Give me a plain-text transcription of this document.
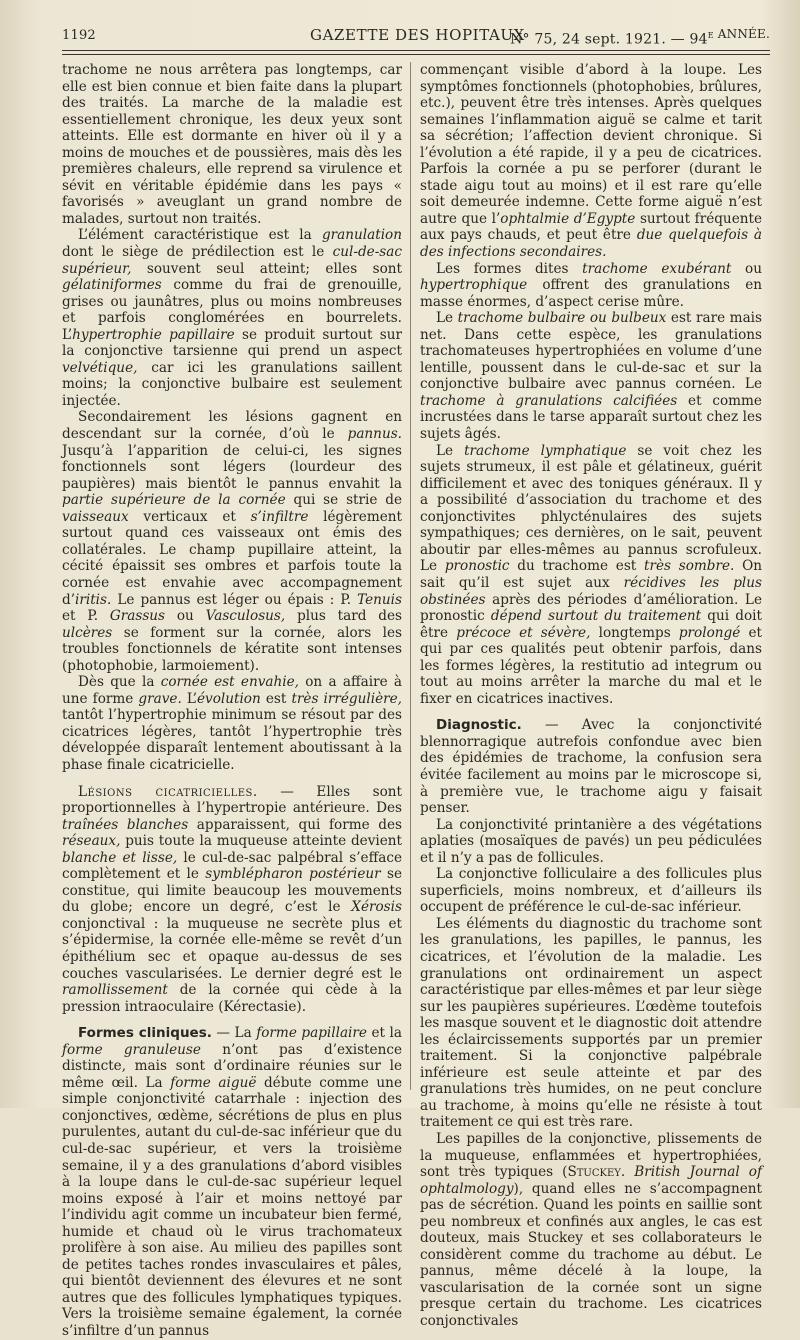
1192	GAZETTE DES HOPITAUX
N° 75, 24 sept. 1921. — $94^{e ANNÉE.}$

trachome ne nous arrêtera pas longtemps, car elle est bien connue et bien faite dans la plupart des traités. La marche de la maladie est essentiellement chronique, les deux yeux sont atteints. Elle est dormante en hiver où il y a moins de mouches et de poussières, mais dès les premières chaleurs, elle reprend sa virulence et sévit en véritable épidémie dans les pays « favorisés » aveuglant un grand nombre de malades, surtout non traités.

L’élément caractéristique est la granulation dont le siège de prédilection est le cul-de-sac supérieur, souvent seul atteint; elles sont gélatiniformes comme du frai de grenouille, grises ou jaunâtres, plus ou moins nombreuses et parfois conglomérées en bourrelets. L’hypertrophie papillaire se produit surtout sur la conjonctive tarsienne qui prend un aspect velvétique, car ici les granulations saillent moins; la conjonctive bulbaire est seulement injectée.

Secondairement les lésions gagnent en descendant sur la cornée, d’où le pannus. Jusqu’à l’apparition de celui-ci, les signes fonctionnels sont légers (lourdeur des paupières) mais bientôt le pannus envahit la partie supérieure de la cornée qui se strie de vaisseaux verticaux et s’infiltre légèrement surtout quand ces vaisseaux ont émis des collatérales. Le champ pupillaire atteint, la cécité épaissit ses ombres et parfois toute la cornée est envahie avec accompagnement d’iritis. Le pannus est léger ou épais : P. Tenuis et P. Grassus ou Vasculosus, plus tard des ulcères se forment sur la cornée, alors les troubles fonctionnels de kératite sont intenses (photophobie, larmoiement).

Dès que la cornée est envahie, on a affaire à une forme grave. L’évolution est très irrégulière, tantôt l’hypertrophie minimum se résout par des cicatrices légères, tantôt l’hypertrophie très développée disparaît lentement aboutissant à la phase finale cicatricielle.

Lésions cicatricielles. — Elles sont proportionnelles à l’hypertropie antérieure. Des traînées blanches apparaissent, qui forme des réseaux, puis toute la muqueuse atteinte devient blanche et lisse, le cul-de-sac palpébral s’efface complètement et le symblépharon postérieur se constitue, qui limite beaucoup les mouvements du globe; encore un degré, c’est le Xérosis conjonctival : la muqueuse ne secrète plus et s’épidermise, la cornée elle-même se revêt d’un épithélium sec et opaque au-dessus de ses couches vascularisées. Le dernier degré est le ramollissement de la cornée qui cède à la pression intraoculaire (Kérectasie).

Formes cliniques. — La forme papillaire et la forme granuleuse n’ont pas d’existence distincte, mais sont d’ordinaire réunies sur le même œil. La forme aiguë débute comme une simple conjonctivité catarrhale : injection des conjonctives, œdème, sécrétions de plus en plus purulentes, autant du cul-de-sac inférieur que du cul-de-sac supérieur, et vers la troisième semaine, il y a des granulations d’abord visibles à la loupe dans le cul-de-sac supérieur lequel moins exposé à l’air et moins nettoyé par l’individu agit comme un incubateur bien fermé, humide et chaud où le virus trachomateux prolifère à son aise. Au milieu des papilles sont de petites taches rondes invasculaires et pâles, qui bientôt deviennent des élevures et ne sont autres que des follicules lymphatiques typiques. Vers la troisième semaine également, la cornée s’infiltre d’un pannus

commençant visible d’abord à la loupe. Les symptômes fonctionnels (photophobies, brûlures, etc.), peuvent être très intenses. Après quelques semaines l’inflammation aiguë se calme et tarit sa sécrétion; l’affection devient chronique. Si l’évolution a été rapide, il y a peu de cicatrices. Parfois la cornée a pu se perforer (durant le stade aigu tout au moins) et il est rare qu’elle soit demeurée indemne. Cette forme aiguë n’est autre que l’ophtalmie d’Egypte surtout fréquente aux pays chauds, et peut être due quelquefois à des infections secondaires.

Les formes dites trachome exubérant ou hypertrophique offrent des granulations en masse énormes, d’aspect cerise mûre.

Le trachome bulbaire ou bulbeux est rare mais net. Dans cette espèce, les granulations trachomateuses hypertrophiées en volume d’une lentille, poussent dans le cul-de-sac et sur la conjonctive bulbaire avec pannus cornéen. Le trachome à granulations calcifiées et comme incrustées dans le tarse apparaît surtout chez les sujets âgés.

Le trachome lymphatique se voit chez les sujets strumeux, il est pâle et gélatineux, guérit difficilement et avec des toniques généraux. Il y a possibilité d’association du trachome et des conjonctivites phlycténulaires des sujets sympathiques; ces dernières, on le sait, peuvent aboutir par elles-mêmes au pannus scrofuleux. Le pronostic du trachome est très sombre. On sait qu’il est sujet aux récidives les plus obstinées après des périodes d’amélioration. Le pronostic dépend surtout du traitement qui doit être précoce et sévère, longtemps prolongé et qui par ces qualités peut obtenir parfois, dans les formes légères, la restitutio ad integrum ou tout au moins arrêter la marche du mal et le fixer en cicatrices inactives.

Diagnostic. — Avec la conjonctivité blennorragique autrefois confondue avec bien des épidémies de trachome, la confusion sera évitée facilement au moins par le microscope si, à première vue, le trachome aigu y faisait penser.

La conjonctivité printanière a des végétations aplaties (mosaïques de pavés) un peu pédiculées et il n’y a pas de follicules.

La conjonctive folliculaire a des follicules plus superficiels, moins nombreux, et d’ailleurs ils occupent de préférence le cul-de-sac inférieur.

Les éléments du diagnostic du trachome sont les granulations, les papilles, le pannus, les cicatrices, et l’évolution de la maladie. Les granulations ont ordinairement un aspect caractéristique par elles-mêmes et par leur siège sur les paupières supérieures. L’œdème toutefois les masque souvent et le diagnostic doit attendre les éclaircissements supportés par un premier traitement. Si la conjonctive palpébrale inférieure est seule atteinte et par des granulations très humides, on ne peut conclure au trachome, à moins qu’elle ne résiste à tout traitement ce qui est très rare.

Les papilles de la conjonctive, plissements de la muqueuse, enflammées et hypertrophiées, sont très typiques (Stuckey. British Journal of ophtalmology), quand elles ne s’accompagnent pas de sécrétion. Quand les points en saillie sont peu nombreux et confinés aux angles, le cas est douteux, mais Stuckey et ses collaborateurs le considèrent comme du trachome au début. Le pannus, même décelé à la loupe, la vascularisation de la cornée sont un signe presque certain du trachome. Les cicatrices conjonctivales
